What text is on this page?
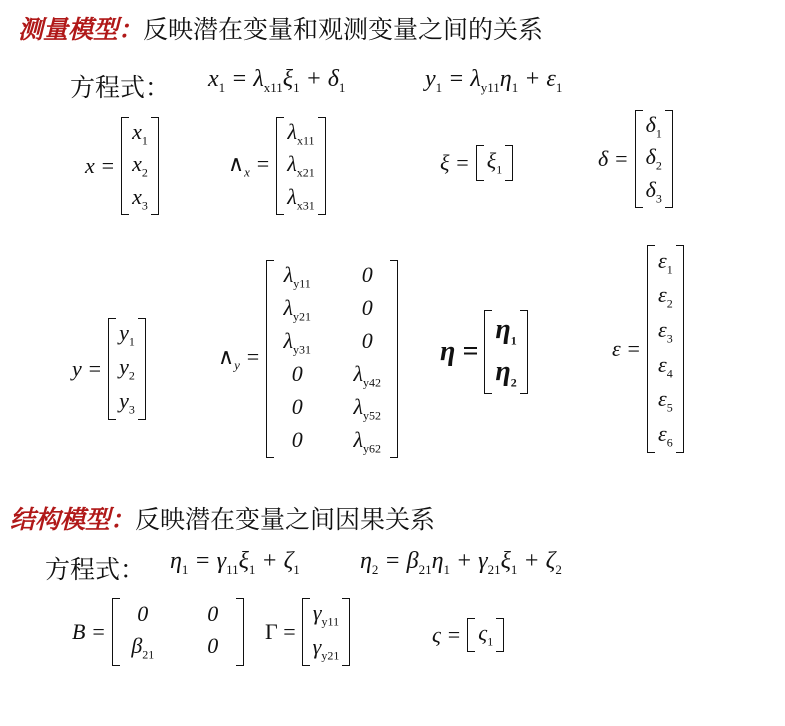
测量模型：反映潜在变量和观测变量之间的关系
方程式： $x_1 = \lambda_{x11}\xi_1 + \delta_1$	$y_1 = \lambda_{y11}\eta_1 + \varepsilon_1$
x =
$x_1$
$x_2$
$x_3$
$\wedge_x$ =
$\lambda_{x11}$
$\lambda_{x21}$
$\lambda_{x31}$
$\xi = \xi_1$	δ =
$\delta_1$
$\delta_2$
$\delta_3$
y =
$y_1$
$y_2$
$y_3$
$\wedge_y$ =
$\lambda_{y11}$	0
$\lambda_{y21}$	0
$\lambda_{y31}$	0
0	$\lambda_{y42}$
0	$\lambda_{y52}$
0	$\lambda_{y62}$
η =
$\eta_1$
$\eta_2$
ε =
$\varepsilon_1$
$\varepsilon_2$
$\varepsilon_3$
$\varepsilon_4$
$\varepsilon_5$
$\varepsilon_6$
结构模型：反映潜在变量之间因果关系
方程式： $\eta_1 = \gamma_{11}\xi_1 + \zeta_1$	$\eta_2 = \beta_{21}\eta_1 + \gamma_{21}\xi_1 + \zeta_2$
B =
0	0
$\beta_{21}$	0
Γ =
$\gamma_{y11}$
$\gamma_{y21}$
$\varsigma = \varsigma_1$
